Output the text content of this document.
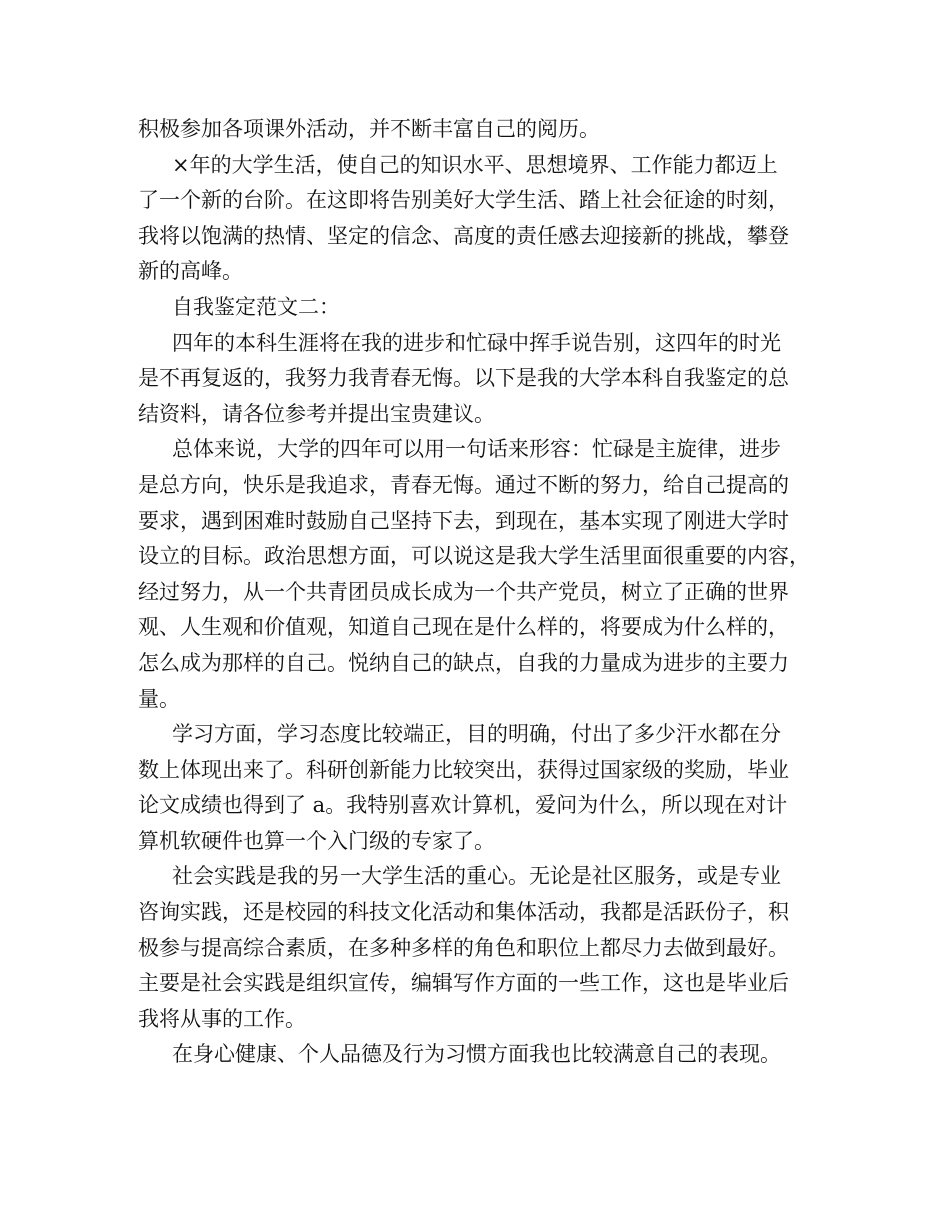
积极参加各项课外活动，并不断丰富自己的阅历。

×年的大学生活，使自己的知识水平、思想境界、工作能力都迈上
了一个新的台阶。在这即将告别美好大学生活、踏上社会征途的时刻，
我将以饱满的热情、坚定的信念、高度的责任感去迎接新的挑战，攀登
新的高峰。

自我鉴定范文二：

四年的本科生涯将在我的进步和忙碌中挥手说告别，这四年的时光
是不再复返的，我努力我青春无悔。以下是我的大学本科自我鉴定的总
结资料，请各位参考并提出宝贵建议。

总体来说，大学的四年可以用一句话来形容：忙碌是主旋律，进步
是总方向，快乐是我追求，青春无悔。通过不断的努力，给自己提高的
要求，遇到困难时鼓励自己坚持下去，到现在，基本实现了刚进大学时
设立的目标。政治思想方面，可以说这是我大学生活里面很重要的内容，
经过努力，从一个共青团员成长成为一个共产党员，树立了正确的世界
观、人生观和价值观，知道自己现在是什么样的，将要成为什么样的，
怎么成为那样的自己。悦纳自己的缺点，自我的力量成为进步的主要力
量。

学习方面，学习态度比较端正，目的明确，付出了多少汗水都在分
数上体现出来了。科研创新能力比较突出，获得过国家级的奖励，毕业
论文成绩也得到了 a。我特别喜欢计算机，爱问为什么，所以现在对计
算机软硬件也算一个入门级的专家了。

社会实践是我的另一大学生活的重心。无论是社区服务，或是专业
咨询实践，还是校园的科技文化活动和集体活动，我都是活跃份子，积
极参与提高综合素质，在多种多样的角色和职位上都尽力去做到最好。
主要是社会实践是组织宣传，编辑写作方面的一些工作，这也是毕业后
我将从事的工作。

在身心健康、个人品德及行为习惯方面我也比较满意自己的表现。
